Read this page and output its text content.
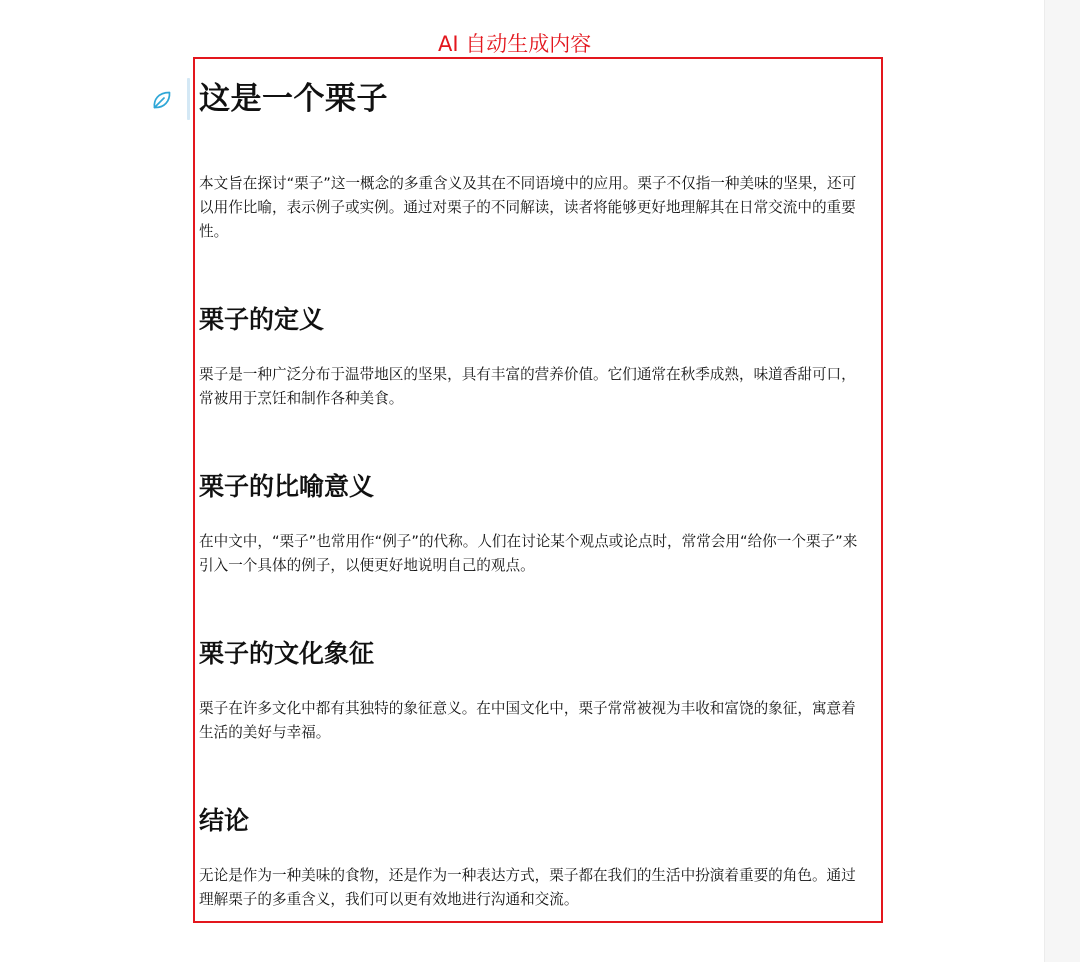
AI 自动生成内容
这是一个栗子

本文旨在探讨“栗子”这一概念的多重含义及其在不同语境中的应用。栗子不仅指一种美味的坚果，还可以用作比喻，表示例子或实例。通过对栗子的不同解读，读者将能够更好地理解其在日常交流中的重要性。

栗子的定义

栗子是一种广泛分布于温带地区的坚果，具有丰富的营养价值。它们通常在秋季成熟，味道香甜可口，常被用于烹饪和制作各种美食。

栗子的比喻意义

在中文中，“栗子”也常用作“例子”的代称。人们在讨论某个观点或论点时，常常会用“给你一个栗子”来引入一个具体的例子，以便更好地说明自己的观点。

栗子的文化象征

栗子在许多文化中都有其独特的象征意义。在中国文化中，栗子常常被视为丰收和富饶的象征，寓意着生活的美好与幸福。

结论

无论是作为一种美味的食物，还是作为一种表达方式，栗子都在我们的生活中扮演着重要的角色。通过理解栗子的多重含义，我们可以更有效地进行沟通和交流。
